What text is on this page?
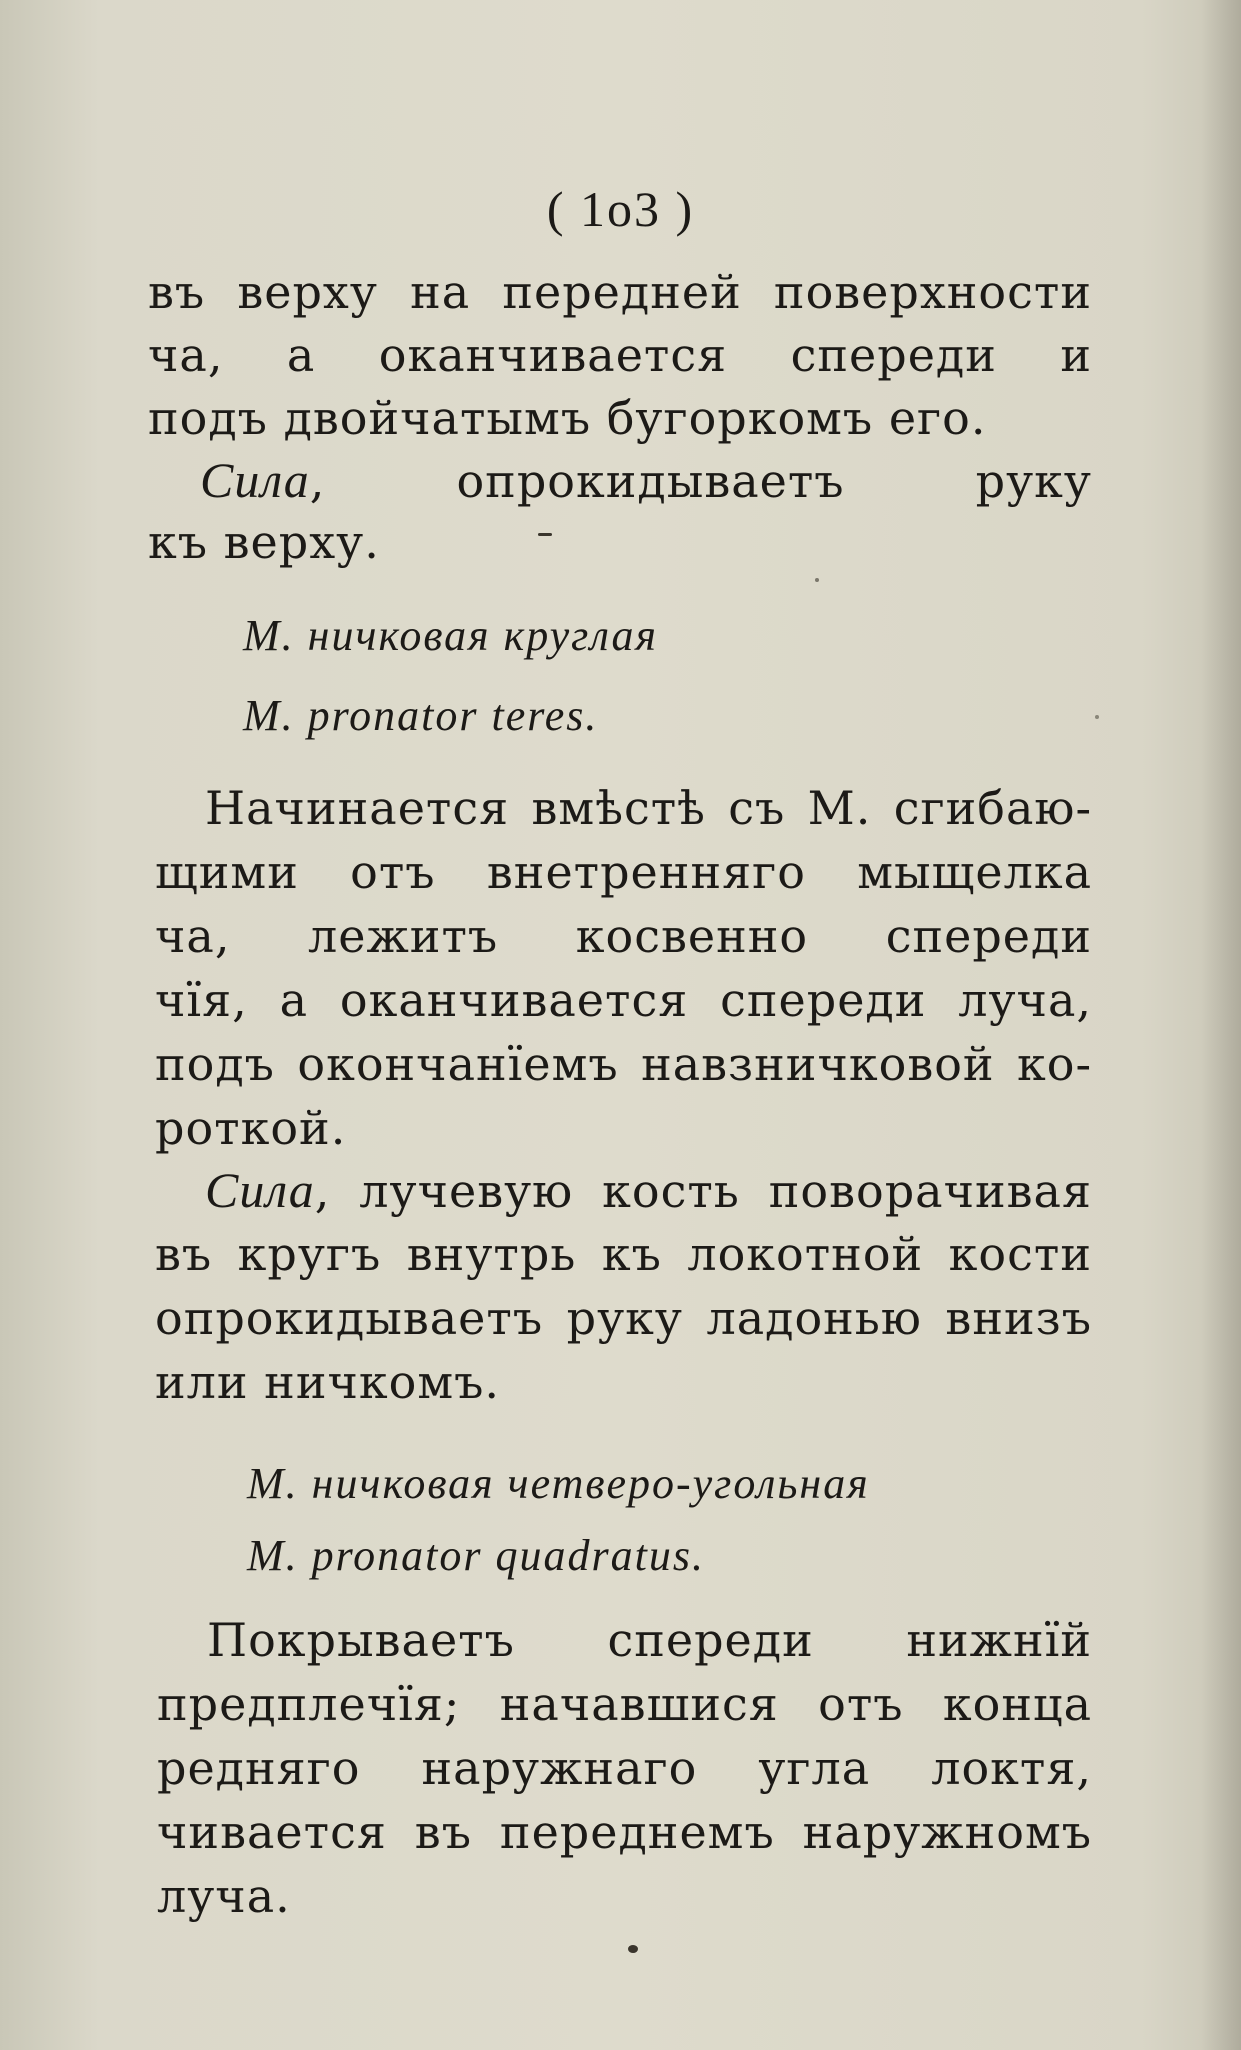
( 1о3 )
въ верху на передней поверхности
ча, а оканчивается спереди и
подъ двойчатымъ бугоркомъ его.
Сила, опрокидываетъ руку
къ верху.
М. ничковая круглая
М. pronator teres.
Начинается вмѣстѣ съ М. сгибаю-
щими отъ внетренняго мыщелка
ча, лежитъ косвенно спереди
чїя, а оканчивается спереди луча,
подъ окончанїемъ навзничковой ко-
роткой.
Сила, лучевую кость поворачивая
въ кругъ внутрь къ локотной кости
опрокидываетъ руку ладонью внизъ
или ничкомъ.
М. ничковая четверо-угольная
М. pronator quadratus.
Покрываетъ спереди нижнїй
предплечїя; начавшися отъ конца
редняго наружнаго угла локтя,
чивается въ переднемъ наружномъ
луча.
